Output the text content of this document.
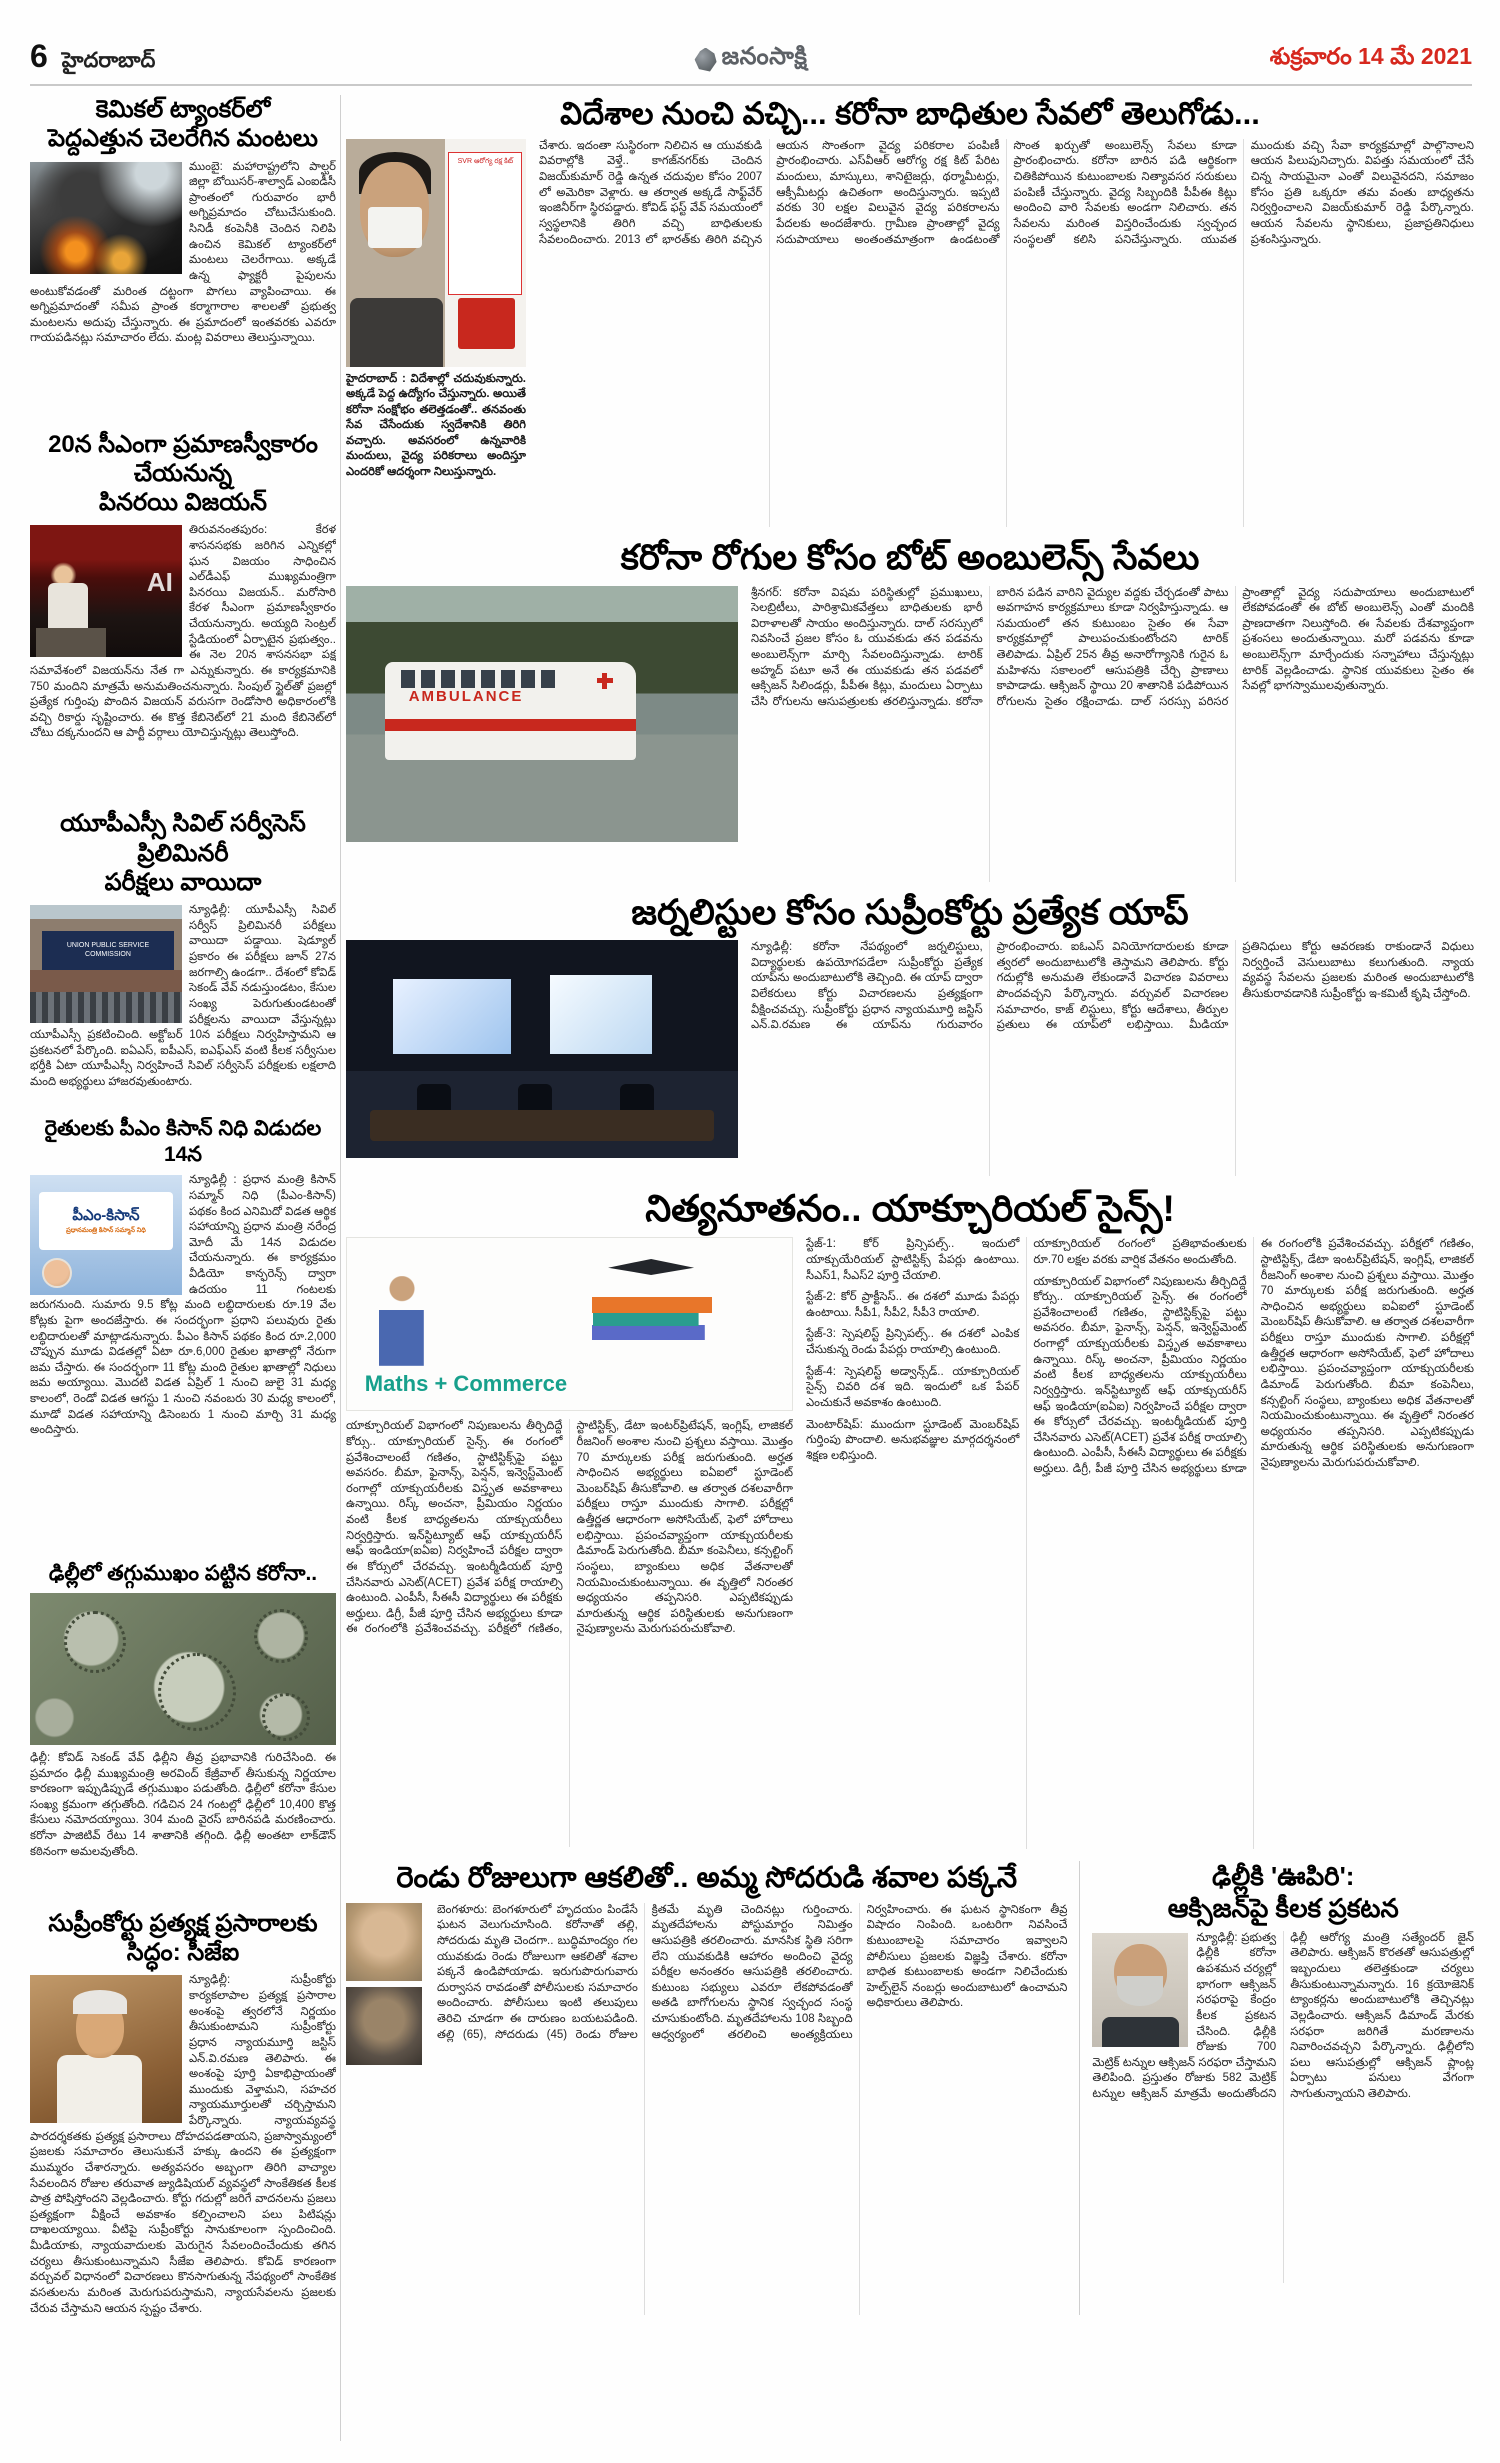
6 హైదరాబాద్	జనంసాక్షి	శుక్రవారం 14 మే 2021
కెమికల్ ట్యాంకర్‌లో
పెద్దఎత్తున చెలరేగిన మంటలు
ముంబై: మహారాష్ట్రలోని పాల్ఘర్ జిల్లా బోయిసర్-శాల్వాడ్ ఎంఐడీసీ ప్రాంతంలో గురువారం భారీ అగ్నిప్రమాదం చోటుచేసుకుంది. సినిడీ కంపెనీకి చెందిన నిలిపి ఉంచిన కెమికల్ ట్యాంకర్‌లో మంటలు చెలరేగాయి. అక్కడే ఉన్న ఫ్యాక్టరీ పైపులను అంటుకోవడంతో మరింత దట్టంగా పొగలు వ్యాపించాయి. ఈ అగ్నిప్రమాదంతో సమీప ప్రాంత కర్మాగారాల శాలలతో ప్రభుత్వ మంటలను అదుపు చేస్తున్నారు. ఈ ప్రమాదంలో ఇంతవరకు ఎవరూ గాయపడినట్లు సమాచారం లేదు. మంట్ల వివరాలు తెలుస్తున్నాయి.
20న సీఎంగా ప్రమాణస్వీకారం చేయనున్న
పినరయి విజయన్
AI
తిరువనంతపురం: కేరళ శాసనసభకు జరిగిన ఎన్నికల్లో ఘన విజయం సాధించిన ఎల్‌డీఎఫ్ ముఖ్యమంత్రిగా పినరయి విజయన్.. మరోసారి కేరళ సీఎంగా ప్రమాణస్వీకారం చేయనున్నారు. అయ్యది సెంట్రల్ స్టేడియంలో ఏర్పాటైన ప్రభుత్వం.. ఈ నెల 20న శాసనసభా పక్ష సమావేశంలో విజయన్‌ను నేత గా ఎన్నుకున్నారు. ఈ కార్యక్రమానికి 750 మందిని మాత్రమే అనుమతించనున్నారు. సింపుల్ స్టైల్‌తో ప్రజల్లో ప్రత్యేక గుర్తింపు పొందిన విజయన్ వరుసగా రెండోసారి అధికారంలోకి వచ్చి రికార్డు సృష్టించారు. ఈ కొత్త కేబినెట్‌లో 21 మంది కేబినెట్‌లో చోటు దక్కనుందని ఆ పార్టీ వర్గాలు యోచిస్తున్నట్లు తెలుస్తోంది.
యూపీఎస్సీ సివిల్ సర్వీసెస్ ప్రిలిమినరీ
పరీక్షలు వాయిదా
UNION PUBLIC SERVICE COMMISSION
న్యూఢిల్లీ: యూపీఎస్సీ సివిల్ సర్వీస్ ప్రిలిమినరీ పరీక్షలు వాయిదా పడ్డాయి. షెడ్యూల్ ప్రకారం ఈ పరీక్షలు జూన్ 27న జరగాల్సి ఉండగా.. దేశంలో కోవిడ్ సెకండ్ వేవ్ నడుస్తుండటం, కేసుల సంఖ్య పెరుగుతుండటంతో పరీక్షలను వాయిదా వేస్తున్నట్లు యూపీఎస్సీ ప్రకటించింది. అక్టోబర్ 10న పరీక్షలు నిర్వహిస్తామని ఆ ప్రకటనలో పేర్కొంది. ఐఏఎస్, ఐపీఎస్, ఐఎఫ్ఎస్ వంటి కీలక సర్వీసుల భర్తీకి ఏటా యూపీఎస్సీ నిర్వహించే సివిల్ సర్వీసెస్ పరీక్షలకు లక్షలాది మంది అభ్యర్థులు హాజరవుతుంటారు.
రైతులకు పీఎం కిసాన్ నిధి విడుదల 14న
పీఎం-కిసాన్
ప్రధానమంత్రి కిసాన్ సమ్మాన్ నిధి
న్యూఢిల్లీ : ప్రధాన మంత్రి కిసాన్ సమ్మాన్ నిధి (పీఎం-కిసాన్) పథకం కింద ఎనిమిదో విడత ఆర్థిక సహాయాన్ని ప్రధాన మంత్రి నరేంద్ర మోదీ మే 14న విడుదల చేయనున్నారు. ఈ కార్యక్రమం వీడియో కాన్ఫరెన్స్ ద్వారా ఉదయం 11 గంటలకు జరుగనుంది. సుమారు 9.5 కోట్ల మంది లబ్ధిదారులకు రూ.19 వేల కోట్లకు పైగా అందజేస్తారు. ఈ సందర్భంగా ప్రధాని పలువురు రైతు లబ్ధిదారులతో మాట్లాడనున్నారు. పీఎం కిసాన్ పథకం కింద రూ.2,000 చొప్పున మూడు విడతల్లో ఏటా రూ.6,000 రైతుల ఖాతాల్లో నేరుగా జమ చేస్తారు. ఈ సందర్భంగా 11 కోట్ల మంది రైతుల ఖాతాల్లో నిధులు జమ అయ్యాయి. మొదటి విడత ఏప్రిల్ 1 నుంచి జులై 31 మధ్య కాలంలో, రెండో విడత ఆగస్టు 1 నుంచి నవంబరు 30 మధ్య కాలంలో, మూడో విడత సహాయాన్ని డిసెంబరు 1 నుంచి మార్చి 31 మధ్య అందిస్తారు.
ఢిల్లీలో తగ్గుముఖం పట్టిన కరోనా..
ఢిల్లీ: కోవిడ్ సెకండ్ వేవ్ ఢిల్లీని తీవ్ర ప్రభావానికి గురిచేసింది. ఈ ప్రమాదం ఢిల్లీ ముఖ్యమంత్రి అరవింద్ కేజ్రీవాల్ తీసుకున్న నిర్ణయాల కారణంగా ఇప్పుడిప్పుడే తగ్గుముఖం పడుతోంది. ఢిల్లీలో కరోనా కేసుల సంఖ్య క్రమంగా తగ్గుతోంది. గడిచిన 24 గంటల్లో ఢిల్లీలో 10,400 కొత్త కేసులు నమోదయ్యాయి. 304 మంది వైరస్ బారినపడి మరణించారు. కరోనా పాజిటివ్ రేటు 14 శాతానికి తగ్గింది. ఢిల్లీ అంతటా లాక్‌డౌన్ కఠినంగా అమలవుతోంది.
సుప్రీంకోర్టు ప్రత్యక్ష ప్రసారాలకు
సిద్ధం: సీజేఐ
న్యూఢిల్లీ: సుప్రీంకోర్టు కార్యకలాపాల ప్రత్యక్ష ప్రసారాల అంశంపై త్వరలోనే నిర్ణయం తీసుకుంటామని సుప్రీంకోర్టు ప్రధాన న్యాయమూర్తి జస్టిస్ ఎన్.వి.రమణ తెలిపారు. ఈ అంశంపై పూర్తి ఏకాభిప్రాయంతో ముందుకు వెళ్తామని, సహచర న్యాయమూర్తులతో చర్చిస్తామని పేర్కొన్నారు. న్యాయవ్యవస్థ పారదర్శకతకు ప్రత్యక్ష ప్రసారాలు దోహదపడతాయని, ప్రజాస్వామ్యంలో ప్రజలకు సమాచారం తెలుసుకునే హక్కు ఉందని ఈ ప్రత్యక్షంగా ముమ్మరం చేశారన్నారు. అత్యవసరం అబ్బంగా తిరిగి వాచ్యాల సేవలందిన రోజుల తరువాత జ్యుడిషియల్ వ్యవస్థలో సాంకేతికత కీలక పాత్ర పోషిస్తోందని వెల్లడించారు. కోర్టు గదుల్లో జరిగే వాదనలను ప్రజలు ప్రత్యక్షంగా వీక్షించే అవకాశం కల్పించాలని పలు పిటిషన్లు దాఖలయ్యాయి. వీటిపై సుప్రీంకోర్టు సానుకూలంగా స్పందించింది. మీడియాకు, న్యాయవాదులకు మెరుగైన సేవలందించేందుకు తగిన చర్యలు తీసుకుంటున్నామని సీజేఐ తెలిపారు. కోవిడ్ కారణంగా వర్చువల్ విధానంలో విచారణలు కొనసాగుతున్న నేపథ్యంలో సాంకేతిక వసతులను మరింత మెరుగుపరుస్తామని, న్యాయసేవలను ప్రజలకు చేరువ చేస్తామని ఆయన స్పష్టం చేశారు.
విదేశాల నుంచి వచ్చి... కరోనా బాధితుల సేవలో తెలుగోడు...
SVR ఆరోగ్య రక్ష కిట్
హైదరాబాద్ : విదేశాల్లో చదువుకున్నారు. అక్కడే పెద్ద ఉద్యోగం చేస్తున్నారు. అయితే కరోనా సంక్షోభం తలెత్తడంతో.. తనవంతు సేవ చేసేందుకు స్వదేశానికి తిరిగి వచ్చారు. అవసరంలో ఉన్నవారికి మందులు, వైద్య పరికరాలు అందిస్తూ ఎందరికో ఆదర్శంగా నిలుస్తున్నారు.
చేశారు. ఇదంతా సుస్థిరంగా నిలిచిన ఆ యువకుడి వివరాల్లోకి వెళ్తే.. కాగజ్‌నగర్‌కు చెందిన విజయ్‌కుమార్ రెడ్డి ఉన్నత చదువుల కోసం 2007 లో అమెరికా వెళ్లారు. ఆ తర్వాత అక్కడే సాఫ్ట్‌వేర్ ఇంజినీర్‌గా స్థిరపడ్డారు. కోవిడ్ ఫస్ట్ వేవ్ సమయంలో స్వస్థలానికి తిరిగి వచ్చి బాధితులకు సేవలందించారు. 2013 లో భారత్‌కు తిరిగి వచ్చిన ఆయన సొంతంగా వైద్య పరికరాల పంపిణీ ప్రారంభించారు. ఎస్‌వీఆర్ ఆరోగ్య రక్ష కిట్ పేరిట మందులు, మాస్కులు, శానిటైజర్లు, థర్మామీటర్లు, ఆక్సీమీటర్లు ఉచితంగా అందిస్తున్నారు. ఇప్పటి వరకు 30 లక్షల విలువైన వైద్య పరికరాలను పేదలకు అందజేశారు. గ్రామీణ ప్రాంతాల్లో వైద్య సదుపాయాలు అంతంతమాత్రంగా ఉండటంతో సొంత ఖర్చుతో అంబులెన్స్ సేవలు కూడా ప్రారంభించారు. కరోనా బారిన పడి ఆర్థికంగా చితికిపోయిన కుటుంబాలకు నిత్యావసర సరుకులు పంపిణీ చేస్తున్నారు. వైద్య సిబ్బందికి పీపీఈ కిట్లు అందించి వారి సేవలకు అండగా నిలిచారు. తన సేవలను మరింత విస్తరించేందుకు స్వచ్ఛంద సంస్థలతో కలిసి పనిచేస్తున్నారు. యువత ముందుకు వచ్చి సేవా కార్యక్రమాల్లో పాల్గొనాలని ఆయన పిలుపునిచ్చారు. విపత్తు సమయంలో చేసే చిన్న సాయమైనా ఎంతో విలువైనదని, సమాజం కోసం ప్రతి ఒక్కరూ తమ వంతు బాధ్యతను నిర్వర్తించాలని విజయ్‌కుమార్ రెడ్డి పేర్కొన్నారు. ఆయన సేవలను స్థానికులు, ప్రజాప్రతినిధులు ప్రశంసిస్తున్నారు.
కరోనా రోగుల కోసం బోట్ అంబులెన్స్ సేవలు
AMBULANCE
శ్రీనగర్: కరోనా విషమ పరిస్థితుల్లో ప్రముఖులు, సెలబ్రిటీలు, పారిశ్రామికవేత్తలు బాధితులకు భారీ విరాళాలతో సాయం అందిస్తున్నారు. దాల్ సరస్సులో నివసించే ప్రజల కోసం ఓ యువకుడు తన పడవను అంబులెన్స్‌గా మార్చి సేవలందిస్తున్నాడు. టారిక్ అహ్మద్ పటూ అనే ఈ యువకుడు తన పడవలో ఆక్సిజన్ సిలిండర్లు, పీపీఈ కిట్లు, మందులు ఏర్పాటు చేసి రోగులను ఆసుపత్రులకు తరలిస్తున్నాడు. కరోనా బారిన పడిన వారిని వైద్యుల వద్దకు చేర్చడంతో పాటు అవగాహన కార్యక్రమాలు కూడా నిర్వహిస్తున్నాడు. ఆ సమయంలో తన కుటుంబం సైతం ఈ సేవా కార్యక్రమాల్లో పాలుపంచుకుంటోందని టారిక్ తెలిపాడు. ఏప్రిల్ 25న తీవ్ర అనారోగ్యానికి గురైన ఓ మహిళను సకాలంలో ఆసుపత్రికి చేర్చి ప్రాణాలు కాపాడాడు. ఆక్సిజన్ స్థాయి 20 శాతానికి పడిపోయిన రోగులను సైతం రక్షించాడు. దాల్ సరస్సు పరిసర ప్రాంతాల్లో వైద్య సదుపాయాలు అందుబాటులో లేకపోవడంతో ఈ బోట్ అంబులెన్స్ ఎంతో మందికి ప్రాణదాతగా నిలుస్తోంది. ఈ సేవలకు దేశవ్యాప్తంగా ప్రశంసలు అందుతున్నాయి. మరో పడవను కూడా అంబులెన్స్‌గా మార్చేందుకు సన్నాహాలు చేస్తున్నట్లు టారిక్ వెల్లడించాడు. స్థానిక యువకులు సైతం ఈ సేవల్లో భాగస్వాములవుతున్నారు.
జర్నలిస్టుల కోసం సుప్రీంకోర్టు ప్రత్యేక యాప్
న్యూఢిల్లీ: కరోనా నేపథ్యంలో జర్నలిస్టులు, విద్యార్థులకు ఉపయోగపడేలా సుప్రీంకోర్టు ప్రత్యేక యాప్‌ను అందుబాటులోకి తెచ్చింది. ఈ యాప్ ద్వారా విలేకరులు కోర్టు విచారణలను ప్రత్యక్షంగా వీక్షించవచ్చు. సుప్రీంకోర్టు ప్రధాన న్యాయమూర్తి జస్టిస్ ఎన్.వి.రమణ ఈ యాప్‌ను గురువారం ప్రారంభించారు. ఐఓఎస్ వినియోగదారులకు కూడా త్వరలో అందుబాటులోకి తెస్తామని తెలిపారు. కోర్టు గదుల్లోకి అనుమతి లేకుండానే విచారణ వివరాలు పొందవచ్చని పేర్కొన్నారు. వర్చువల్ విచారణల సమాచారం, కాజ్ లిస్టులు, కోర్టు ఆదేశాలు, తీర్పుల ప్రతులు ఈ యాప్‌లో లభిస్తాయి. మీడియా ప్రతినిధులు కోర్టు ఆవరణకు రాకుండానే విధులు నిర్వర్తించే వెసులుబాటు కలుగుతుంది. న్యాయ వ్యవస్థ సేవలను ప్రజలకు మరింత అందుబాటులోకి తీసుకురావడానికి సుప్రీంకోర్టు ఇ-కమిటీ కృషి చేస్తోంది.
నిత్యనూతనం.. యాక్చూరియల్ సైన్స్!
Maths + Commerce
యాక్చూరియల్ విభాగంలో నిపుణులను తీర్చిదిద్దే కోర్సు.. యాక్చూరియల్ సైన్స్. ఈ రంగంలో ప్రవేశించాలంటే గణితం, స్టాటిస్టిక్స్‌పై పట్టు అవసరం. బీమా, ఫైనాన్స్, పెన్షన్, ఇన్వెస్ట్‌మెంట్ రంగాల్లో యాక్చుయరీలకు విస్తృత అవకాశాలు ఉన్నాయి. రిస్క్ అంచనా, ప్రీమియం నిర్ణయం వంటి కీలక బాధ్యతలను యాక్చుయరీలు నిర్వర్తిస్తారు. ఇన్‌స్టిట్యూట్ ఆఫ్ యాక్చుయరీస్ ఆఫ్ ఇండియా(ఐఏఐ) నిర్వహించే పరీక్షల ద్వారా ఈ కోర్సులో చేరవచ్చు. ఇంటర్మీడియట్ పూర్తి చేసినవారు ఎసెట్(ACET) ప్రవేశ పరీక్ష రాయాల్సి ఉంటుంది. ఎంపీసీ, సీఈసీ విద్యార్థులు ఈ పరీక్షకు అర్హులు. డిగ్రీ, పీజీ పూర్తి చేసిన అభ్యర్థులు కూడా ఈ రంగంలోకి ప్రవేశించవచ్చు. పరీక్షలో గణితం, స్టాటిస్టిక్స్, డేటా ఇంటర్‌ప్రిటేషన్, ఇంగ్లిష్, లాజికల్ రీజనింగ్ అంశాల నుంచి ప్రశ్నలు వస్తాయి. మొత్తం 70 మార్కులకు పరీక్ష జరుగుతుంది. అర్హత సాధించిన అభ్యర్థులు ఐఏఐలో స్టూడెంట్ మెంబర్‌షిప్ తీసుకోవాలి. ఆ తర్వాత దశలవారీగా పరీక్షలు రాస్తూ ముందుకు సాగాలి. పరీక్షల్లో ఉత్తీర్ణత ఆధారంగా అసోసియేట్, ఫెలో హోదాలు లభిస్తాయి. ప్రపంచవ్యాప్తంగా యాక్చుయరీలకు డిమాండ్ పెరుగుతోంది. బీమా కంపెనీలు, కన్సల్టింగ్ సంస్థలు, బ్యాంకులు అధిక వేతనాలతో నియమించుకుంటున్నాయి. ఈ వృత్తిలో నిరంతర అధ్యయనం తప్పనిసరి. ఎప్పటికప్పుడు మారుతున్న ఆర్థిక పరిస్థితులకు అనుగుణంగా నైపుణ్యాలను మెరుగుపరుచుకోవాలి.

స్టేజ్-1: కోర్ ప్రిన్సిపల్స్.. ఇందులో యాక్చుయేరియల్ స్టాటిస్టిక్స్ పేపర్లు ఉంటాయి. సీఎస్1, సీఎస్2 పూర్తి చేయాలి.

స్టేజ్-2: కోర్ ప్రాక్టీసెస్.. ఈ దశలో మూడు పేపర్లు ఉంటాయి. సీపీ1, సీపీ2, సీపీ3 రాయాలి.

స్టేజ్-3: స్పెషలిస్ట్ ప్రిన్సిపల్స్.. ఈ దశలో ఎంపిక చేసుకున్న రెండు పేపర్లు రాయాల్సి ఉంటుంది.

స్టేజ్-4: స్పెషలిస్ట్ అడ్వాన్స్‌డ్.. యాక్చూరియల్ సైన్స్ చివరి దశ ఇది. ఇందులో ఒక పేపర్ ఎంచుకునే అవకాశం ఉంటుంది.

మెంటార్‌షిప్: ముందుగా స్టూడెంట్ మెంబర్‌షిప్ గుర్తింపు పొందాలి. అనుభవజ్ఞుల మార్గదర్శనంలో శిక్షణ లభిస్తుంది.

యాక్చూరియల్ రంగంలో ప్రతిభావంతులకు రూ.70 లక్షల వరకు వార్షిక వేతనం అందుతోంది.

యాక్చూరియల్ విభాగంలో నిపుణులను తీర్చిదిద్దే కోర్సు.. యాక్చూరియల్ సైన్స్. ఈ రంగంలో ప్రవేశించాలంటే గణితం, స్టాటిస్టిక్స్‌పై పట్టు అవసరం. బీమా, ఫైనాన్స్, పెన్షన్, ఇన్వెస్ట్‌మెంట్ రంగాల్లో యాక్చుయరీలకు విస్తృత అవకాశాలు ఉన్నాయి. రిస్క్ అంచనా, ప్రీమియం నిర్ణయం వంటి కీలక బాధ్యతలను యాక్చుయరీలు నిర్వర్తిస్తారు. ఇన్‌స్టిట్యూట్ ఆఫ్ యాక్చుయరీస్ ఆఫ్ ఇండియా(ఐఏఐ) నిర్వహించే పరీక్షల ద్వారా ఈ కోర్సులో చేరవచ్చు. ఇంటర్మీడియట్ పూర్తి చేసినవారు ఎసెట్(ACET) ప్రవేశ పరీక్ష రాయాల్సి ఉంటుంది. ఎంపీసీ, సీఈసీ విద్యార్థులు ఈ పరీక్షకు అర్హులు. డిగ్రీ, పీజీ పూర్తి చేసిన అభ్యర్థులు కూడా ఈ రంగంలోకి ప్రవేశించవచ్చు. పరీక్షలో గణితం, స్టాటిస్టిక్స్, డేటా ఇంటర్‌ప్రిటేషన్, ఇంగ్లిష్, లాజికల్ రీజనింగ్ అంశాల నుంచి ప్రశ్నలు వస్తాయి. మొత్తం 70 మార్కులకు పరీక్ష జరుగుతుంది. అర్హత సాధించిన అభ్యర్థులు ఐఏఐలో స్టూడెంట్ మెంబర్‌షిప్ తీసుకోవాలి. ఆ తర్వాత దశలవారీగా పరీక్షలు రాస్తూ ముందుకు సాగాలి. పరీక్షల్లో ఉత్తీర్ణత ఆధారంగా అసోసియేట్, ఫెలో హోదాలు లభిస్తాయి. ప్రపంచవ్యాప్తంగా యాక్చుయరీలకు డిమాండ్ పెరుగుతోంది. బీమా కంపెనీలు, కన్సల్టింగ్ సంస్థలు, బ్యాంకులు అధిక వేతనాలతో నియమించుకుంటున్నాయి. ఈ వృత్తిలో నిరంతర అధ్యయనం తప్పనిసరి. ఎప్పటికప్పుడు మారుతున్న ఆర్థిక పరిస్థితులకు అనుగుణంగా నైపుణ్యాలను మెరుగుపరుచుకోవాలి.

రెండు రోజులుగా ఆకలితో.. అమ్మ సోదరుడి శవాల పక్కనే
బెంగళూరు: బెంగళూరులో హృదయం పిండేసే ఘటన వెలుగుచూసింది. కరోనాతో తల్లి, సోదరుడు మృతి చెందగా.. బుద్ధిమాంద్యం గల యువకుడు రెండు రోజులుగా ఆకలితో శవాల పక్కనే ఉండిపోయాడు. ఇరుగుపొరుగువారు దుర్వాసన రావడంతో పోలీసులకు సమాచారం అందించారు. పోలీసులు ఇంటి తలుపులు తెరిచి చూడగా ఈ దారుణం బయటపడింది. తల్లి (65), సోదరుడు (45) రెండు రోజుల క్రితమే మృతి చెందినట్లు గుర్తించారు. మృతదేహాలను పోస్టుమార్టం నిమిత్తం ఆసుపత్రికి తరలించారు. మానసిక స్థితి సరిగా లేని యువకుడికి ఆహారం అందించి వైద్య పరీక్షల అనంతరం ఆసుపత్రికి తరలించారు. కుటుంబ సభ్యులు ఎవరూ లేకపోవడంతో అతడి బాగోగులను స్థానిక స్వచ్ఛంద సంస్థ చూసుకుంటోంది. మృతదేహాలను 108 సిబ్బంది ఆధ్వర్యంలో తరలించి అంత్యక్రియలు నిర్వహించారు. ఈ ఘటన స్థానికంగా తీవ్ర విషాదం నింపింది. ఒంటరిగా నివసించే కుటుంబాలపై సమాచారం ఇవ్వాలని పోలీసులు ప్రజలకు విజ్ఞప్తి చేశారు. కరోనా బాధిత కుటుంబాలకు అండగా నిలిచేందుకు హెల్ప్‌లైన్ నంబర్లు అందుబాటులో ఉంచామని అధికారులు తెలిపారు.
ఢిల్లీకి 'ఊపిరి':
ఆక్సిజన్‌పై కీలక ప్రకటన
న్యూఢిల్లీ: ప్రభుత్వ ఢిల్లీకి కరోనా ఉపశమన చర్యల్లో భాగంగా ఆక్సిజన్ సరఫరాపై కేంద్రం కీలక ప్రకటన చేసింది. ఢిల్లీకి రోజుకు 700 మెట్రిక్ టన్నుల ఆక్సిజన్ సరఫరా చేస్తామని తెలిపింది. ప్రస్తుతం రోజుకు 582 మెట్రిక్ టన్నుల ఆక్సిజన్ మాత్రమే అందుతోందని ఢిల్లీ ఆరోగ్య మంత్రి సత్యేందర్ జైన్ తెలిపారు. ఆక్సిజన్ కొరతతో ఆసుపత్రుల్లో ఇబ్బందులు తలెత్తకుండా చర్యలు తీసుకుంటున్నామన్నారు. 16 క్రయోజెనిక్ ట్యాంకర్లను అందుబాటులోకి తెచ్చినట్లు వెల్లడించారు. ఆక్సిజన్ డిమాండ్ మేరకు సరఫరా జరిగితే మరణాలను నివారించవచ్చని పేర్కొన్నారు. ఢిల్లీలోని పలు ఆసుపత్రుల్లో ఆక్సిజన్ ప్లాంట్ల ఏర్పాటు పనులు వేగంగా సాగుతున్నాయని తెలిపారు.
